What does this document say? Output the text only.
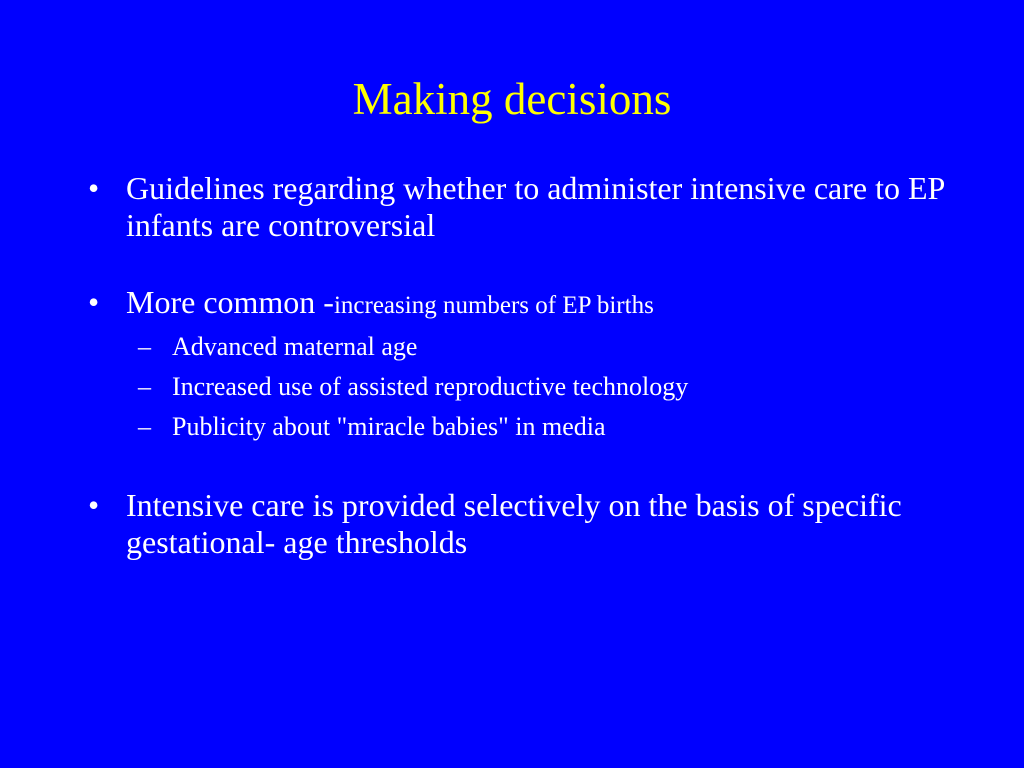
Making decisions
• Guidelines regarding whether to administer intensive care to EP infants are controversial
• More common -increasing numbers of EP births
– Advanced maternal age
– Increased use of assisted reproductive technology
– Publicity about "miracle babies" in media
• Intensive care is provided selectively on the basis of specific gestational- age thresholds
